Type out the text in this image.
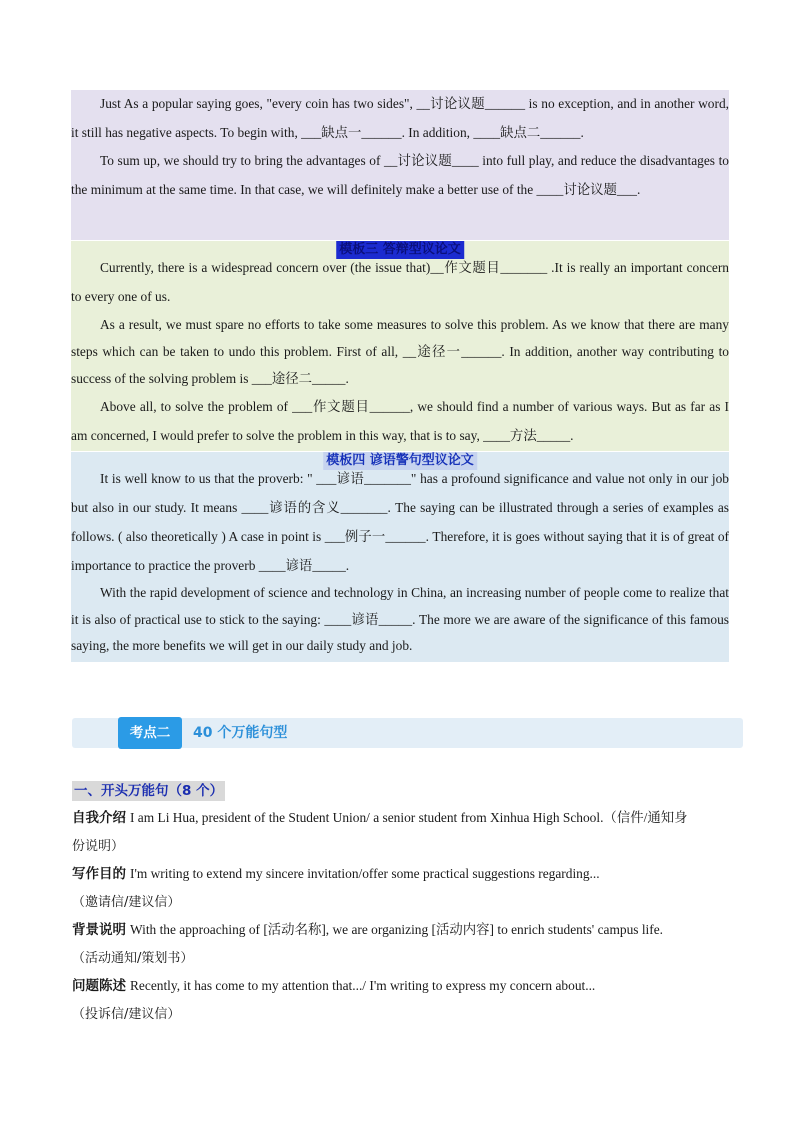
Just As a popular saying goes, "every coin has two sides", __讨论议题______ is no exception, and in another word, it still has negative aspects. To begin with, ___缺点一______. In addition, ____缺点二______.

To sum up, we should try to bring the advantages of __讨论议题____ into full play, and reduce the disadvantages to the minimum at the same time. In that case, we will definitely make a better use of the ____讨论议题___.

模板三 答辩型议论文

Currently, there is a widespread concern over (the issue that)__作文题目_______ .It is really an important concern to every one of us.

As a result, we must spare no efforts to take some measures to solve this problem. As we know that there are many steps which can be taken to undo this problem. First of all, __途径一______. In addition, another way contributing to success of the solving problem is ___途径二_____.

Above all, to solve the problem of ___作文题目______, we should find a number of various ways. But as far as I am concerned, I would prefer to solve the problem in this way, that is to say, ____方法_____.

模板四 谚语警句型议论文

It is well know to us that the proverb: " ___谚语_______" has a profound significance and value not only in our job but also in our study. It means ____谚语的含义_______. The saying can be illustrated through a series of examples as follows. ( also theoretically ) A case in point is ___例子一______. Therefore, it is goes without saying that it is of great of importance to practice the proverb ____谚语_____.

With the rapid development of science and technology in China, an increasing number of people come to realize that it is also of practical use to stick to the saying: ____谚语_____. The more we are aware of the significance of this famous saying, the more benefits we will get in our daily study and job.

考点二	40 个万能句型
一、开头万能句（8 个）

自我介绍 I am Li Hua, president of the Student Union/ a senior student from Xinhua High School.（信件/通知身

份说明）

写作目的 I'm writing to extend my sincere invitation/offer some practical suggestions regarding...

（邀请信/建议信）

背景说明 With the approaching of [活动名称], we are organizing [活动内容] to enrich students' campus life.

（活动通知/策划书）

问题陈述 Recently, it has come to my attention that.../ I'm writing to express my concern about...

（投诉信/建议信）
